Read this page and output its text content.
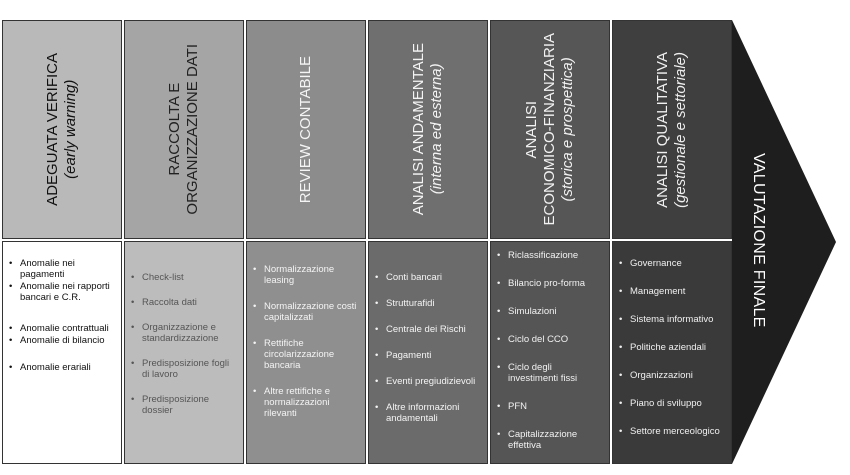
ADEGUATA VERIFICA (early warning)
• Anomalie nei pagamenti
• Anomalie nei rapporti bancari e C.R.
• Anomalie contrattuali
• Anomalie di bilancio
• Anomalie erariali
RACCOLTA E ORGANIZZAZIONE DATI
• Check-list
• Raccolta dati
• Organizzazione e standardizzazione
• Predisposizione fogli di lavoro
• Predisposizione dossier
REVIEW CONTABILE
• Normalizzazione leasing
• Normalizzazione costi capitalizzati
• Rettifiche circolarizzazione bancaria
• Altre rettifiche e normalizzazioni rilevanti
ANALISI ANDAMENTALE (interna ed esterna)
• Conti bancari
• Strutturafidi
• Centrale dei Rischi
• Pagamenti
• Eventi pregiudizievoli
• Altre informazioni andamentali
ANALISI ECONOMICO-FINANZIARIA (storica e prospettica)
• Riclassificazione
• Bilancio pro-forma
• Simulazioni
• Ciclo del CCO
• Ciclo degli investimenti fissi
• PFN
• Capitalizzazione effettiva
ANALISI QUALITATIVA (gestionale e settoriale)
• Governance
• Management
• Sistema informativo
• Politiche aziendali
• Organizzazioni
• Piano di sviluppo
• Settore merceologico
VALUTAZIONE FINALE
